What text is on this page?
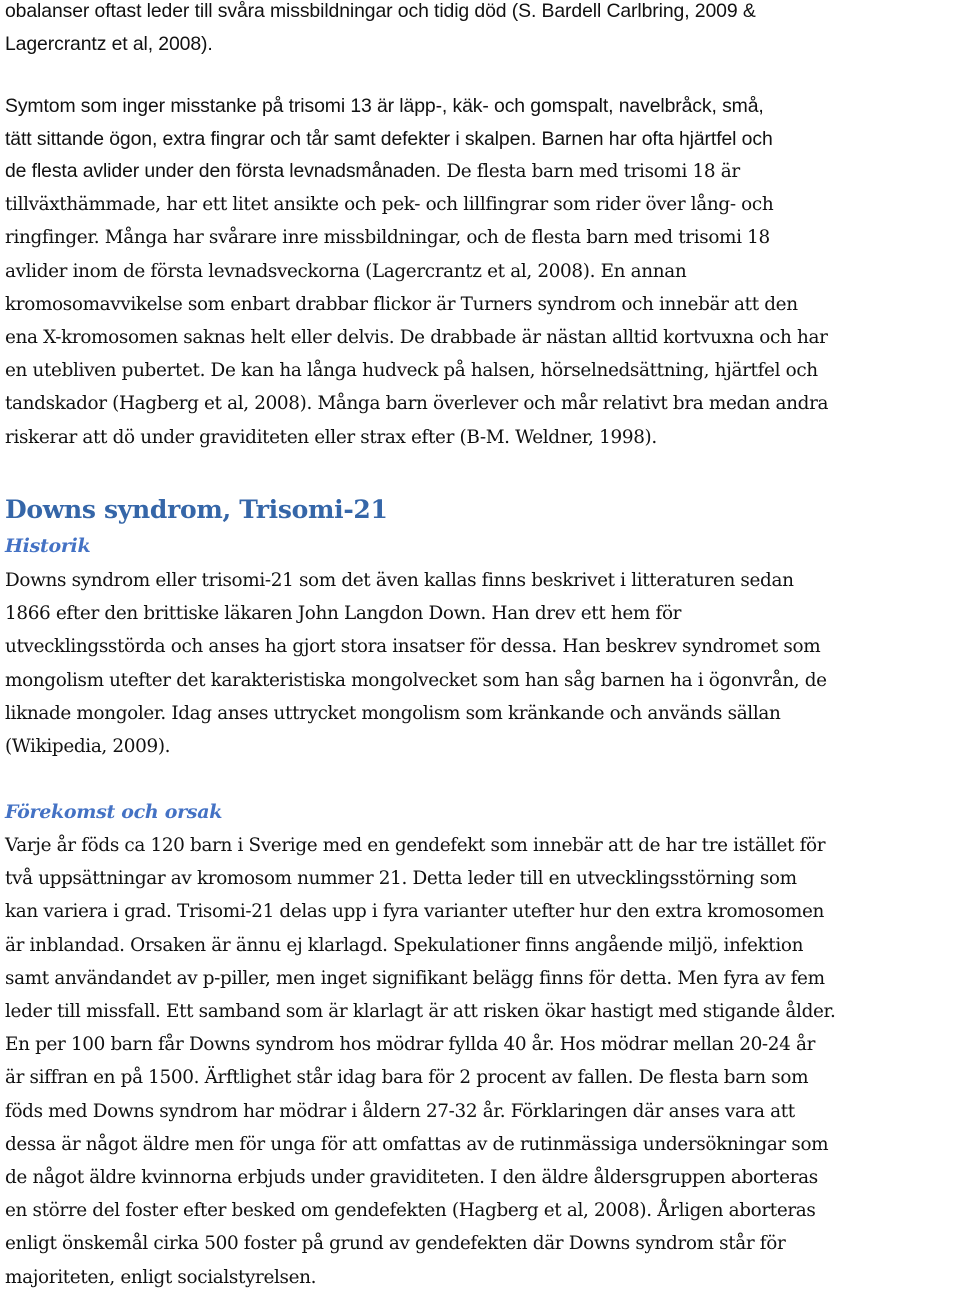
obalanser oftast leder till svåra missbildningar och tidig död (S. Bardell Carlbring, 2009 &
Lagercrantz et al, 2008).
Symtom som inger misstanke på trisomi 13 är läpp-, käk- och gomspalt, navelbråck, små,
tätt sittande ögon, extra fingrar och tår samt defekter i skalpen. Barnen har ofta hjärtfel och
de flesta avlider under den första levnadsmånaden. De flesta barn med trisomi 18 är
tillväxthämmade, har ett litet ansikte och pek- och lillfingrar som rider över lång- och
ringfinger. Många har svårare inre missbildningar, och de flesta barn med trisomi 18
avlider inom de första levnadsveckorna (Lagercrantz et al, 2008). En annan
kromosomavvikelse som enbart drabbar flickor är Turners syndrom och innebär att den
ena X-kromosomen saknas helt eller delvis. De drabbade är nästan alltid kortvuxna och har
en utebliven pubertet. De kan ha långa hudveck på halsen, hörselnedsättning, hjärtfel och
tandskador (Hagberg et al, 2008). Många barn överlever och mår relativt bra medan andra
riskerar att dö under graviditeten eller strax efter (B-M. Weldner, 1998).
Downs syndrom, Trisomi-21
Historik
Downs syndrom eller trisomi-21 som det även kallas finns beskrivet i litteraturen sedan
1866 efter den brittiske läkaren John Langdon Down. Han drev ett hem för
utvecklingsstörda och anses ha gjort stora insatser för dessa. Han beskrev syndromet som
mongolism utefter det karakteristiska mongolvecket som han såg barnen ha i ögonvrån, de
liknade mongoler. Idag anses uttrycket mongolism som kränkande och används sällan
(Wikipedia, 2009).
Förekomst och orsak
Varje år föds ca 120 barn i Sverige med en gendefekt som innebär att de har tre istället för
två uppsättningar av kromosom nummer 21. Detta leder till en utvecklingsstörning som
kan variera i grad. Trisomi-21 delas upp i fyra varianter utefter hur den extra kromosomen
är inblandad. Orsaken är ännu ej klarlagd. Spekulationer finns angående miljö, infektion
samt användandet av p-piller, men inget signifikant belägg finns för detta. Men fyra av fem
leder till missfall. Ett samband som är klarlagt är att risken ökar hastigt med stigande ålder.
En per 100 barn får Downs syndrom hos mödrar fyllda 40 år. Hos mödrar mellan 20-24 år
är siffran en på 1500. Ärftlighet står idag bara för 2 procent av fallen. De flesta barn som
föds med Downs syndrom har mödrar i åldern 27-32 år. Förklaringen där anses vara att
dessa är något äldre men för unga för att omfattas av de rutinmässiga undersökningar som
de något äldre kvinnorna erbjuds under graviditeten. I den äldre åldersgruppen aborteras
en större del foster efter besked om gendefekten (Hagberg et al, 2008). Årligen aborteras
enligt önskemål cirka 500 foster på grund av gendefekten där Downs syndrom står för
majoriteten, enligt socialstyrelsen.
